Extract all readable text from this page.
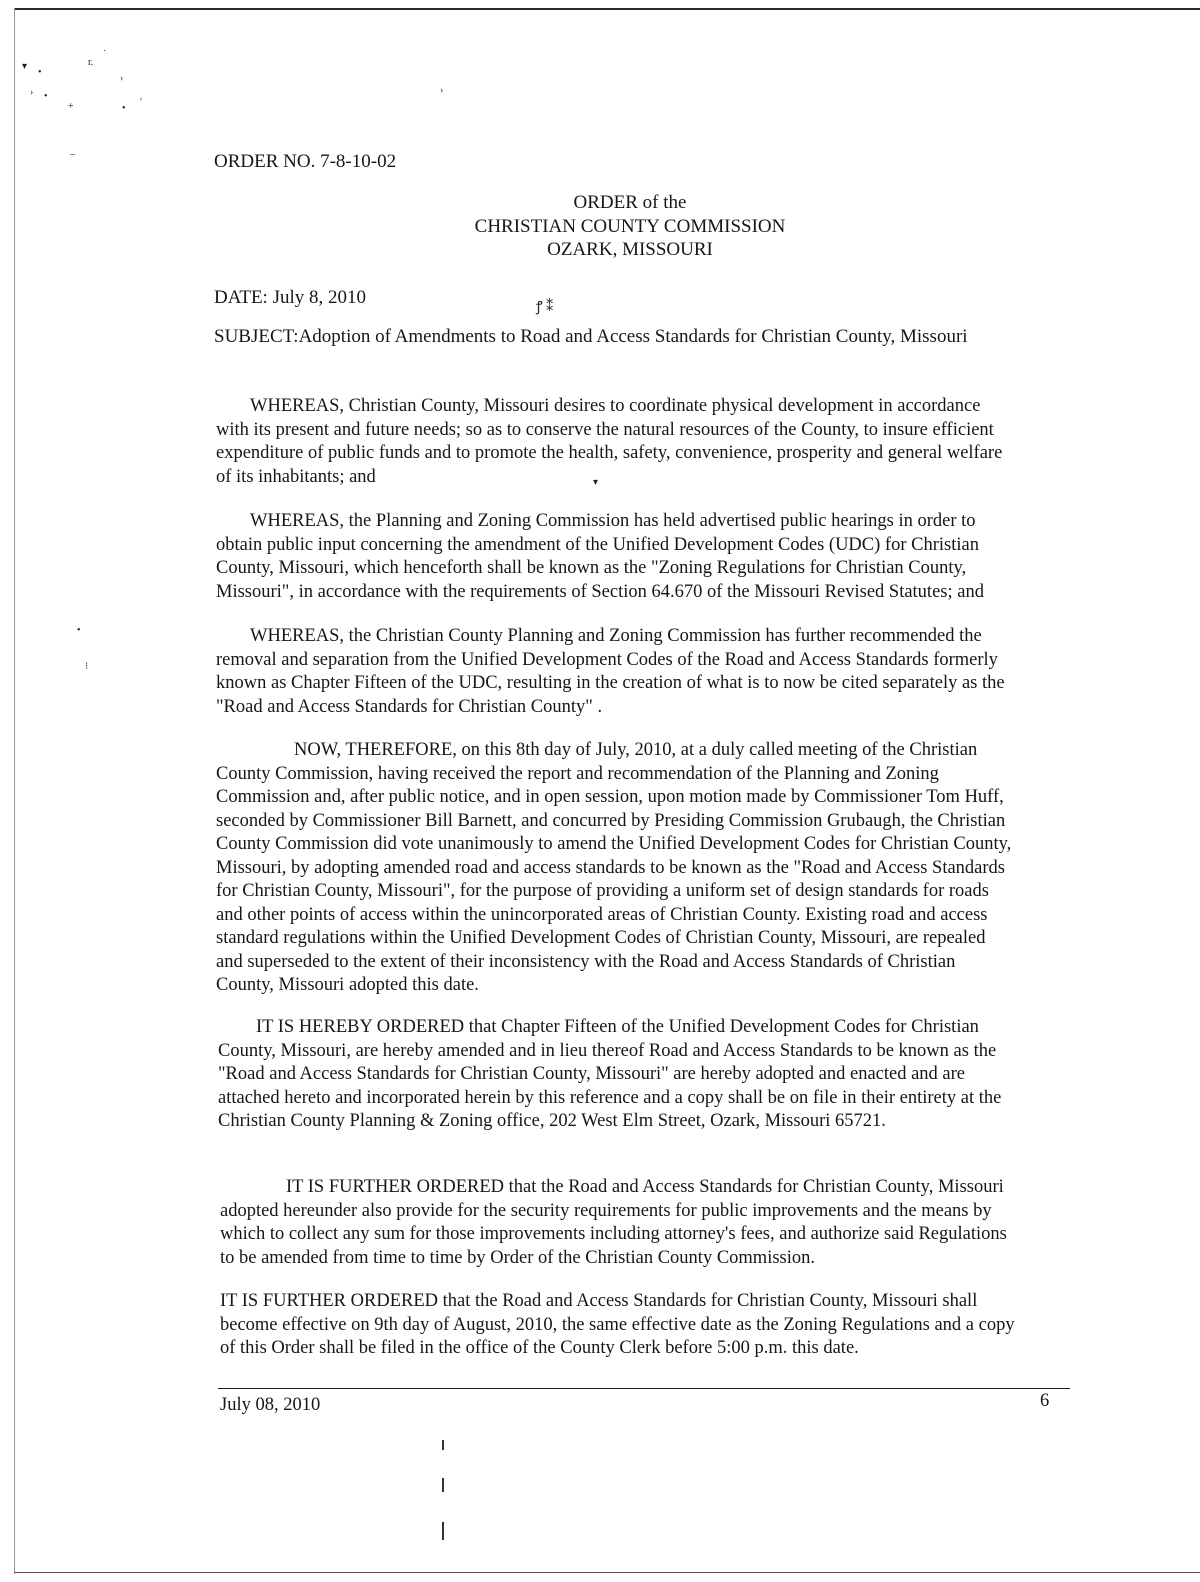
▾
•
r.
˙
›
› •
+	•
′
›
‒
•
⁝
▾
ꝭ ⁑
ORDER NO. 7-8-10-02
ORDER of the
CHRISTIAN COUNTY COMMISSION
OZARK, MISSOURI
DATE: July 8, 2010
SUBJECT:Adoption of Amendments to Road and Access Standards for Christian County, Missouri
WHEREAS, Christian County, Missouri desires to coordinate physical development in accordance
with its present and future needs; so as to conserve the natural resources of the County, to insure efficient
expenditure of public funds and to promote the health, safety, convenience, prosperity and general welfare
of its inhabitants; and
WHEREAS, the Planning and Zoning Commission has held advertised public hearings in order to
obtain public input concerning the amendment of the Unified Development Codes (UDC) for Christian
County, Missouri, which henceforth shall be known as the "Zoning Regulations for Christian County,
Missouri", in accordance with the requirements of Section 64.670 of the Missouri Revised Statutes; and
WHEREAS, the Christian County Planning and Zoning Commission has further recommended the
removal and separation from the Unified Development Codes of the Road and Access Standards formerly
known as Chapter Fifteen of the UDC, resulting in the creation of what is to now be cited separately as the
"Road and Access Standards for Christian County" .
NOW, THEREFORE, on this 8th day of July, 2010, at a duly called meeting of the Christian
County Commission, having received the report and recommendation of the Planning and Zoning
Commission and, after public notice, and in open session, upon motion made by Commissioner Tom Huff,
seconded by Commissioner Bill Barnett, and concurred by Presiding Commission Grubaugh, the Christian
County Commission did vote unanimously to amend the Unified Development Codes for Christian County,
Missouri, by adopting amended road and access standards to be known as the "Road and Access Standards
for Christian County, Missouri", for the purpose of providing a uniform set of design standards for roads
and other points of access within the unincorporated areas of Christian County. Existing road and access
standard regulations within the Unified Development Codes of Christian County, Missouri, are repealed
and superseded to the extent of their inconsistency with the Road and Access Standards of Christian
County, Missouri adopted this date.
IT IS HEREBY ORDERED that Chapter Fifteen of the Unified Development Codes for Christian
County, Missouri, are hereby amended and in lieu thereof Road and Access Standards to be known as the
"Road and Access Standards for Christian County, Missouri" are hereby adopted and enacted and are
attached hereto and incorporated herein by this reference and a copy shall be on file in their entirety at the
Christian County Planning & Zoning office, 202 West Elm Street, Ozark, Missouri 65721.
IT IS FURTHER ORDERED that the Road and Access Standards for Christian County, Missouri
adopted hereunder also provide for the security requirements for public improvements and the means by
which to collect any sum for those improvements including attorney's fees, and authorize said Regulations
to be amended from time to time by Order of the Christian County Commission.
IT IS FURTHER ORDERED that the Road and Access Standards for Christian County, Missouri shall
become effective on 9th day of August, 2010, the same effective date as the Zoning Regulations and a copy
of this Order shall be filed in the office of the County Clerk before 5:00 p.m. this date.
July 08, 2010	6
